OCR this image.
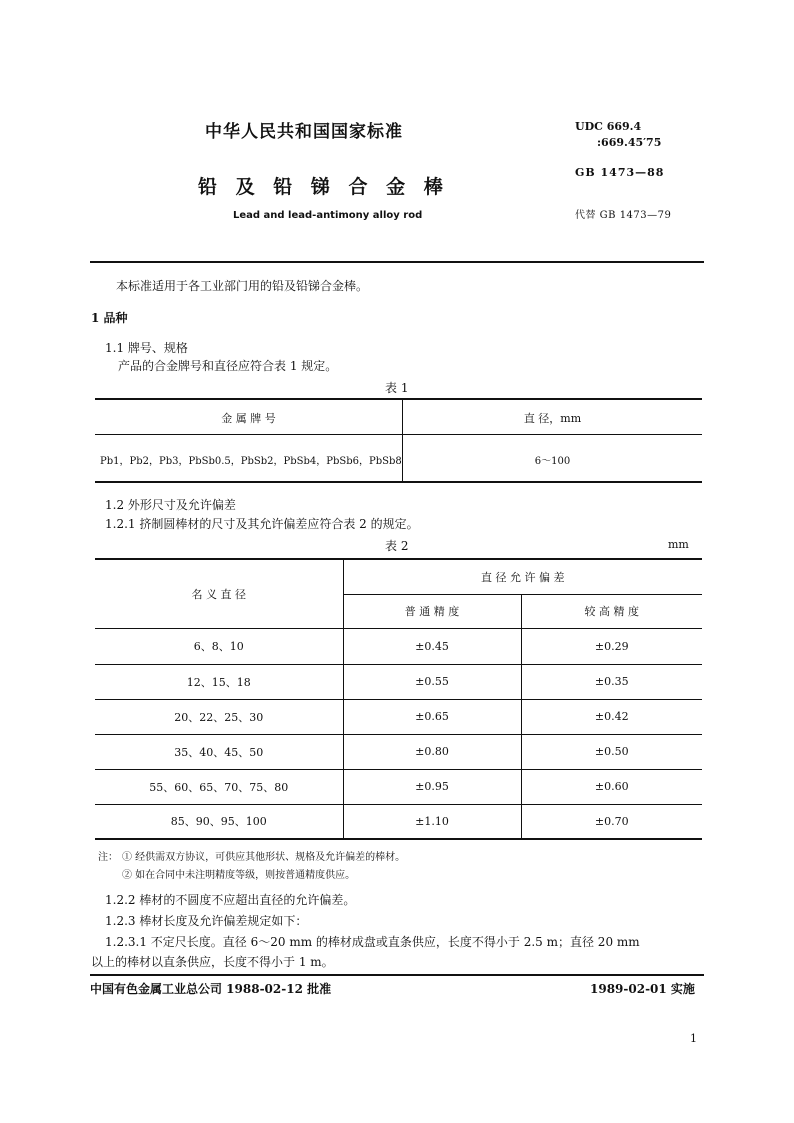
中华人民共和国国家标准
铅 及 铅 锑 合 金 棒
Lead and lead-antimony alloy rod
UDC 669.4
:669.45′75
GB 1473—88
代替 GB 1473—79
本标准适用于各工业部门用的铅及铅锑合金棒。
1 品种
1.1 牌号、规格
产品的合金牌号和直径应符合表 1 规定。
表 1
金 属 牌 号	直 径，mm
Pb1，Pb2，Pb3，PbSb0.5，PbSb2，PbSb4，PbSb6，PbSb8	6～100
1.2 外形尺寸及允许偏差
1.2.1 挤制圆棒材的尺寸及其允许偏差应符合表 2 的规定。
表 2	mm
名 义 直 径	直 径 允 许 偏 差	
	普 通 精 度	较 高 精 度
6、8、10	±0.45	±0.29
12、15、18	±0.55	±0.35
20、22、25、30	±0.65	±0.42
35、40、45、50	±0.80	±0.50
55、60、65、70、75、80	±0.95	±0.60
85、90、95、100	±1.10	±0.70
注： ① 经供需双方协议，可供应其他形状、规格及允许偏差的棒材。
② 如在合同中未注明精度等级，则按普通精度供应。
1.2.2 棒材的不圆度不应超出直径的允许偏差。
1.2.3 棒材长度及允许偏差规定如下：
1.2.3.1 不定尺长度。直径 6～20 mm 的棒材成盘或直条供应，长度不得小于 2.5 m；直径 20 mm
以上的棒材以直条供应，长度不得小于 1 m。
中国有色金属工业总公司 1988-02-12 批准	1989-02-01 实施
1
